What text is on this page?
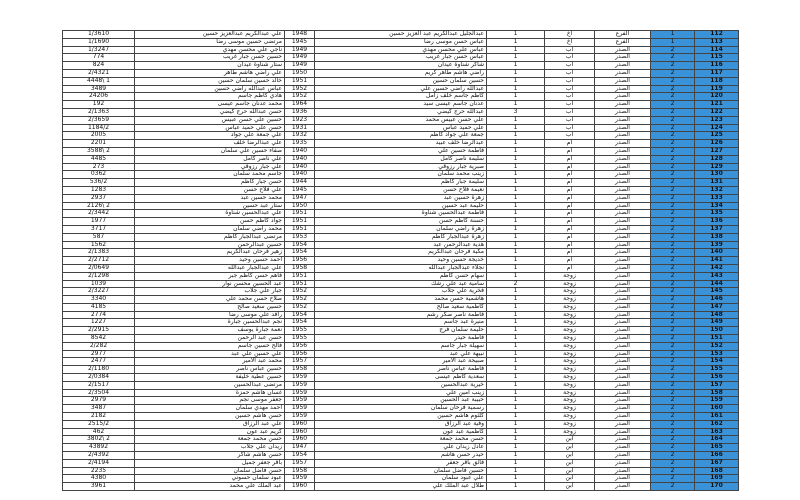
1/3610	علي عبدالكريم عبدالعزيز حسين	1948	عبدالجليل عبدالكريم عبد العزيز حسين	1	اخ	الفرع	1	112
1/1690	مرتضى حسين موسى رضا	1945	عباس حسن موسى رضا	1	اخ	الفرع	1	113
1/3247	ناجي علي محسن مهدي	1949	عباس علي محسن مهدي	1	اب	الصدر	2	114
774	حسين حسن جبار غريب	1949	عباس حسن جبار غريب	1	اب	الصدر	2	115
824	ستار شناوة عيدان	1949	شاكر شناوة عيدان	1	اب	الصدر	2	116
2/4321	علي راضي هاشم طاهر	1950	راضي هاشم طاهر كريم	1	اب	الصدر	2	117
4448\ 1	خالد حسين سلمان حسين	1951	حسين سلمان حسين	1	اب	الصدر	2	118
3489	عباس عبدالله راضي حسين	1952	عبدالله راضي حسين علي	1	اب	الصدر	2	119
24206	هادي كاظم جاسم	1952	كاظم جاسم خلف زامل	1	اب	الصدر	2	120
192	محمد عدنان جاسم عيسى	1964	عدنان جاسم عيسى سيد	1	اب	الصدر	2	121
2/1363	حسن عبدالله حرج كيضي	1936	عبدالله حرج كيضي	3	اب	الصدر	2	122
2/3659	حسين علي حسن عبيس	1923	علي حسن عبيس محمد	1	اب	الصدر	2	123
1184/2	حسن علي حميد عباس	1931	علي حميد عباس	1	اب	الصدر	2	124
2005	علي جمعة علي جواد	1932	جمعة علي جواد كاظم	1	اب	الصدر	2	125
2201	علي عبدالرضا خلف	1935	عبدالرضا خلف عبيد	1	ام	الصدر	2	126
3588\ 2	صفاء حسين علي سلمان	1940	فاطمة حسين علي	1	ام	الصدر	2	127
4485	علي ناصر كامل	1940	سليمة ناصر كامل	1	ام	الصدر	2	128
273	علي جبار رزوقي	1940	صبرية جبار رزوقي	1	ام	الصدر	2	129
0362	جاسم محمد سلمان	1940	زينب محمد سلمان	1	ام	الصدر	2	130
536/2	حسن جبار كاظم	1944	سليمة جبار كاظم	1	ام	الصدر	2	131
1283	علي فلاح حسن	1945	نعيمة فلاح حسن	1	ام	الصدر	2	132
2937	محمد حسين عبد	1947	زهرة حسين عبد	1	ام	الصدر	2	133
2126\ 2	ستار عبد حسين	1950	حليمة عبد حسين	1	ام	الصدر	2	134
2/3442	علي عبدالحسين شناوة	1951	فاطمة عبدالحسين شناوة	1	ام	الصدر	2	135
1977	جواد كاظم حسن	1951	حسنة كاظم حسن	1	ام	الصدر	2	136
3717	محمد راضي سلمان	1951	زهرة راضي سلمان	1	ام	الصدر	2	137
587	مرتضى عبدالجبار كاظم	1953	زهرة عبدالجبار كاظم	1	ام	الصدر	2	138
1562	حسين عبدالرحمن	1954	هدية عبدالرحمن عبد	1	ام	الصدر	2	139
2/1383	زهير فرحان عبدالكريم	1954	مكية فرحان عبدالكريم	1	ام	الصدر	2	140
2/2712	احمد حسين وحيد	1956	خديجة حسين وحيد	1	ام	الصدر	2	141
2/0649	علي عبدالجبار عبدالله	1958	نجلاء عبدالجبار عبدالله	1	ام	الصدر	2	142
2/1298	فاهم حسن كاظم جبر	1951	سهام حسن كاظم	1	زوجة	الصدر	2	143
1039	عبد الحسين محسن نوار	1951	سامية عبد علي رشك	2	زوجة	الصدر	2	144
2/3227	جبار علي جلاب	1952	فخرية علي جلاب	1	زوجة	الصدر	2	145
3340	صلاح حسن محمد علي	1952	هاشمية حسن محمد	1	زوجة	الصدر	2	146
4185	حسين سعيد صالح	1952	كاظمية سعيد صالح	1	زوجة	الصدر	2	147
2774	رافد علي موسى رضا	1954	فاطمة ناصر صكر رشم	1	زوجة	الصدر	2	148
1227	نجم عبدالحسين جبارة	1954	منيرة عبد جاسم	1	زوجة	الصدر	2	149
2/2915	نعمة جبارة يوسف	1955	حليمة سلمان فرج	1	زوجة	الصدر	2	150
8542	حسن عبد الرحمن	1955	فاطمة حيدر	1	زوجة	الصدر	2	151
2/282	فالح حسين جاسم	1956	سهيلة جبار جاسم	1	زوجة	الصدر	2	152
2977	علي حسين علي عبد	1956	نبيهة علي عبد	1	زوجة	الصدر	2	153
2477	محمد عبد الامير	1957	صبيحة عبد الامير	1	زوجة	الصدر	2	154
2/1180	حسين عباس ناصر	1958	فاطمة عباس ناصر	1	زوجة	الصدر	2	155
2/0384	حسين عطية خليفة	1959	سعدية كاظم عيسى	1	زوجة	الصدر	2	156
2/1517	مرتضى عبدالحسين	1959	خيرية عبدالحسين	1	زوجة	الصدر	2	157
2/3504	غسان هاشم حمزة	1959	زينب امين علي	1	زوجة	الصدر	2	158
2979	جعفر موسى نجم	1959	حبيبة عبد الحسين	1	زوجة	الصدر	2	159
3487	احمد مهدي سلمان	1959	رسمية فرحان سلمان	1	زوجة	الصدر	2	160
2182	حسن هاشم حسين	1959	كلثوم هاشم حسين	1	زوجة	الصدر	2	161
2515/2	علي عبد الرزاق	1960	وفية عبد الرزاق	1	زوجة	الصدر	2	162
462	كريم عبد عون	1960	كاظمية عبد عون	1	زوجة	الصدر	2	163
3802\ 2	حسن محمد جمعة	1960	حسن محمد جمعة	1	ابن	الصدر	2	164
43892	زيدان علي جلاب	1947	عادل زيدان علي	1	ابن	الصدر	2	165
2/4392	حسن هاشم شاكر	1954	حيدر حسن هاشم	1	ابن	الصدر	2	166
2/4194	باقر جعفر جميل	1957	فائق باقر جعفر	1	ابن	الصدر	2	167
2235	حسن فاضل سلمان	1958	حسين فاضل سلمان	1	ابن	الصدر	2	168
4380	عبود سلمان حسوني	1959	علي عبود سلمان	1	ابن	الصدر	2	169
3961	عبد الملك علي محمد	1960	طلال عبد الملك علي	1	ابن	الصدر	2	170
